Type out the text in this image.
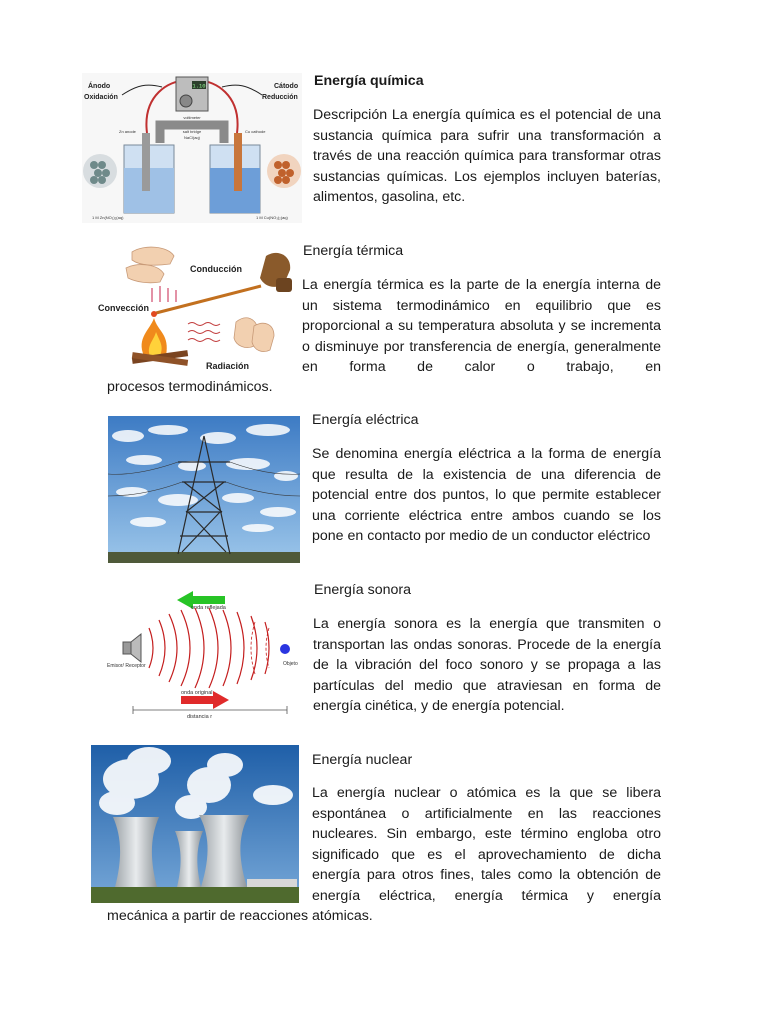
1.10
voltimeter
salt bridge
NaCl(aq)
Zn anode	Cu cathode
Ánodo
Oxidación
Cátodo
Reducción
1 M Zn(NO₃)₂(aq)	1 M Cu(NO₃)₂(aq)
Energía química

Descripción La energía química es el potencial de una sustancia química para sufrir una transformación a través de una reacción química para transformar otras sustancias químicas. Los ejemplos incluyen baterías, alimentos, gasolina, etc.

Conducción
Convección
Radiación
Energía térmica

La energía térmica es la parte de la energía interna de un sistema termodinámico en equilibrio que es proporcional a su temperatura absoluta y se incrementa o disminuye por transferencia de energía, generalmente en forma de calor o trabajo, en

procesos termodinámicos.
Energía eléctrica

Se denomina energía eléctrica a la forma de energía que resulta de la existencia de una diferencia de potencial entre dos puntos, lo que permite establecer una corriente eléctrica entre ambos cuando se los pone en contacto por medio de un conductor eléctrico

onda reflejada
Emisor/ Receptor	Objeto
onda original
distancia r
Energía sonora

La energía sonora es la energía que transmiten o transportan las ondas sonoras. Procede de la energía de la vibración del foco sonoro y se propaga a las partículas del medio que atraviesan en forma de energía cinética, y de energía potencial.

Energía nuclear

La energía nuclear o atómica es la que se libera espontánea o artificialmente en las reacciones nucleares. Sin embargo, este término engloba otro significado que es el aprovechamiento de dicha energía para otros fines, tales como la obtención de energía eléctrica, energía térmica y energía

mecánica a partir de reacciones atómicas.
